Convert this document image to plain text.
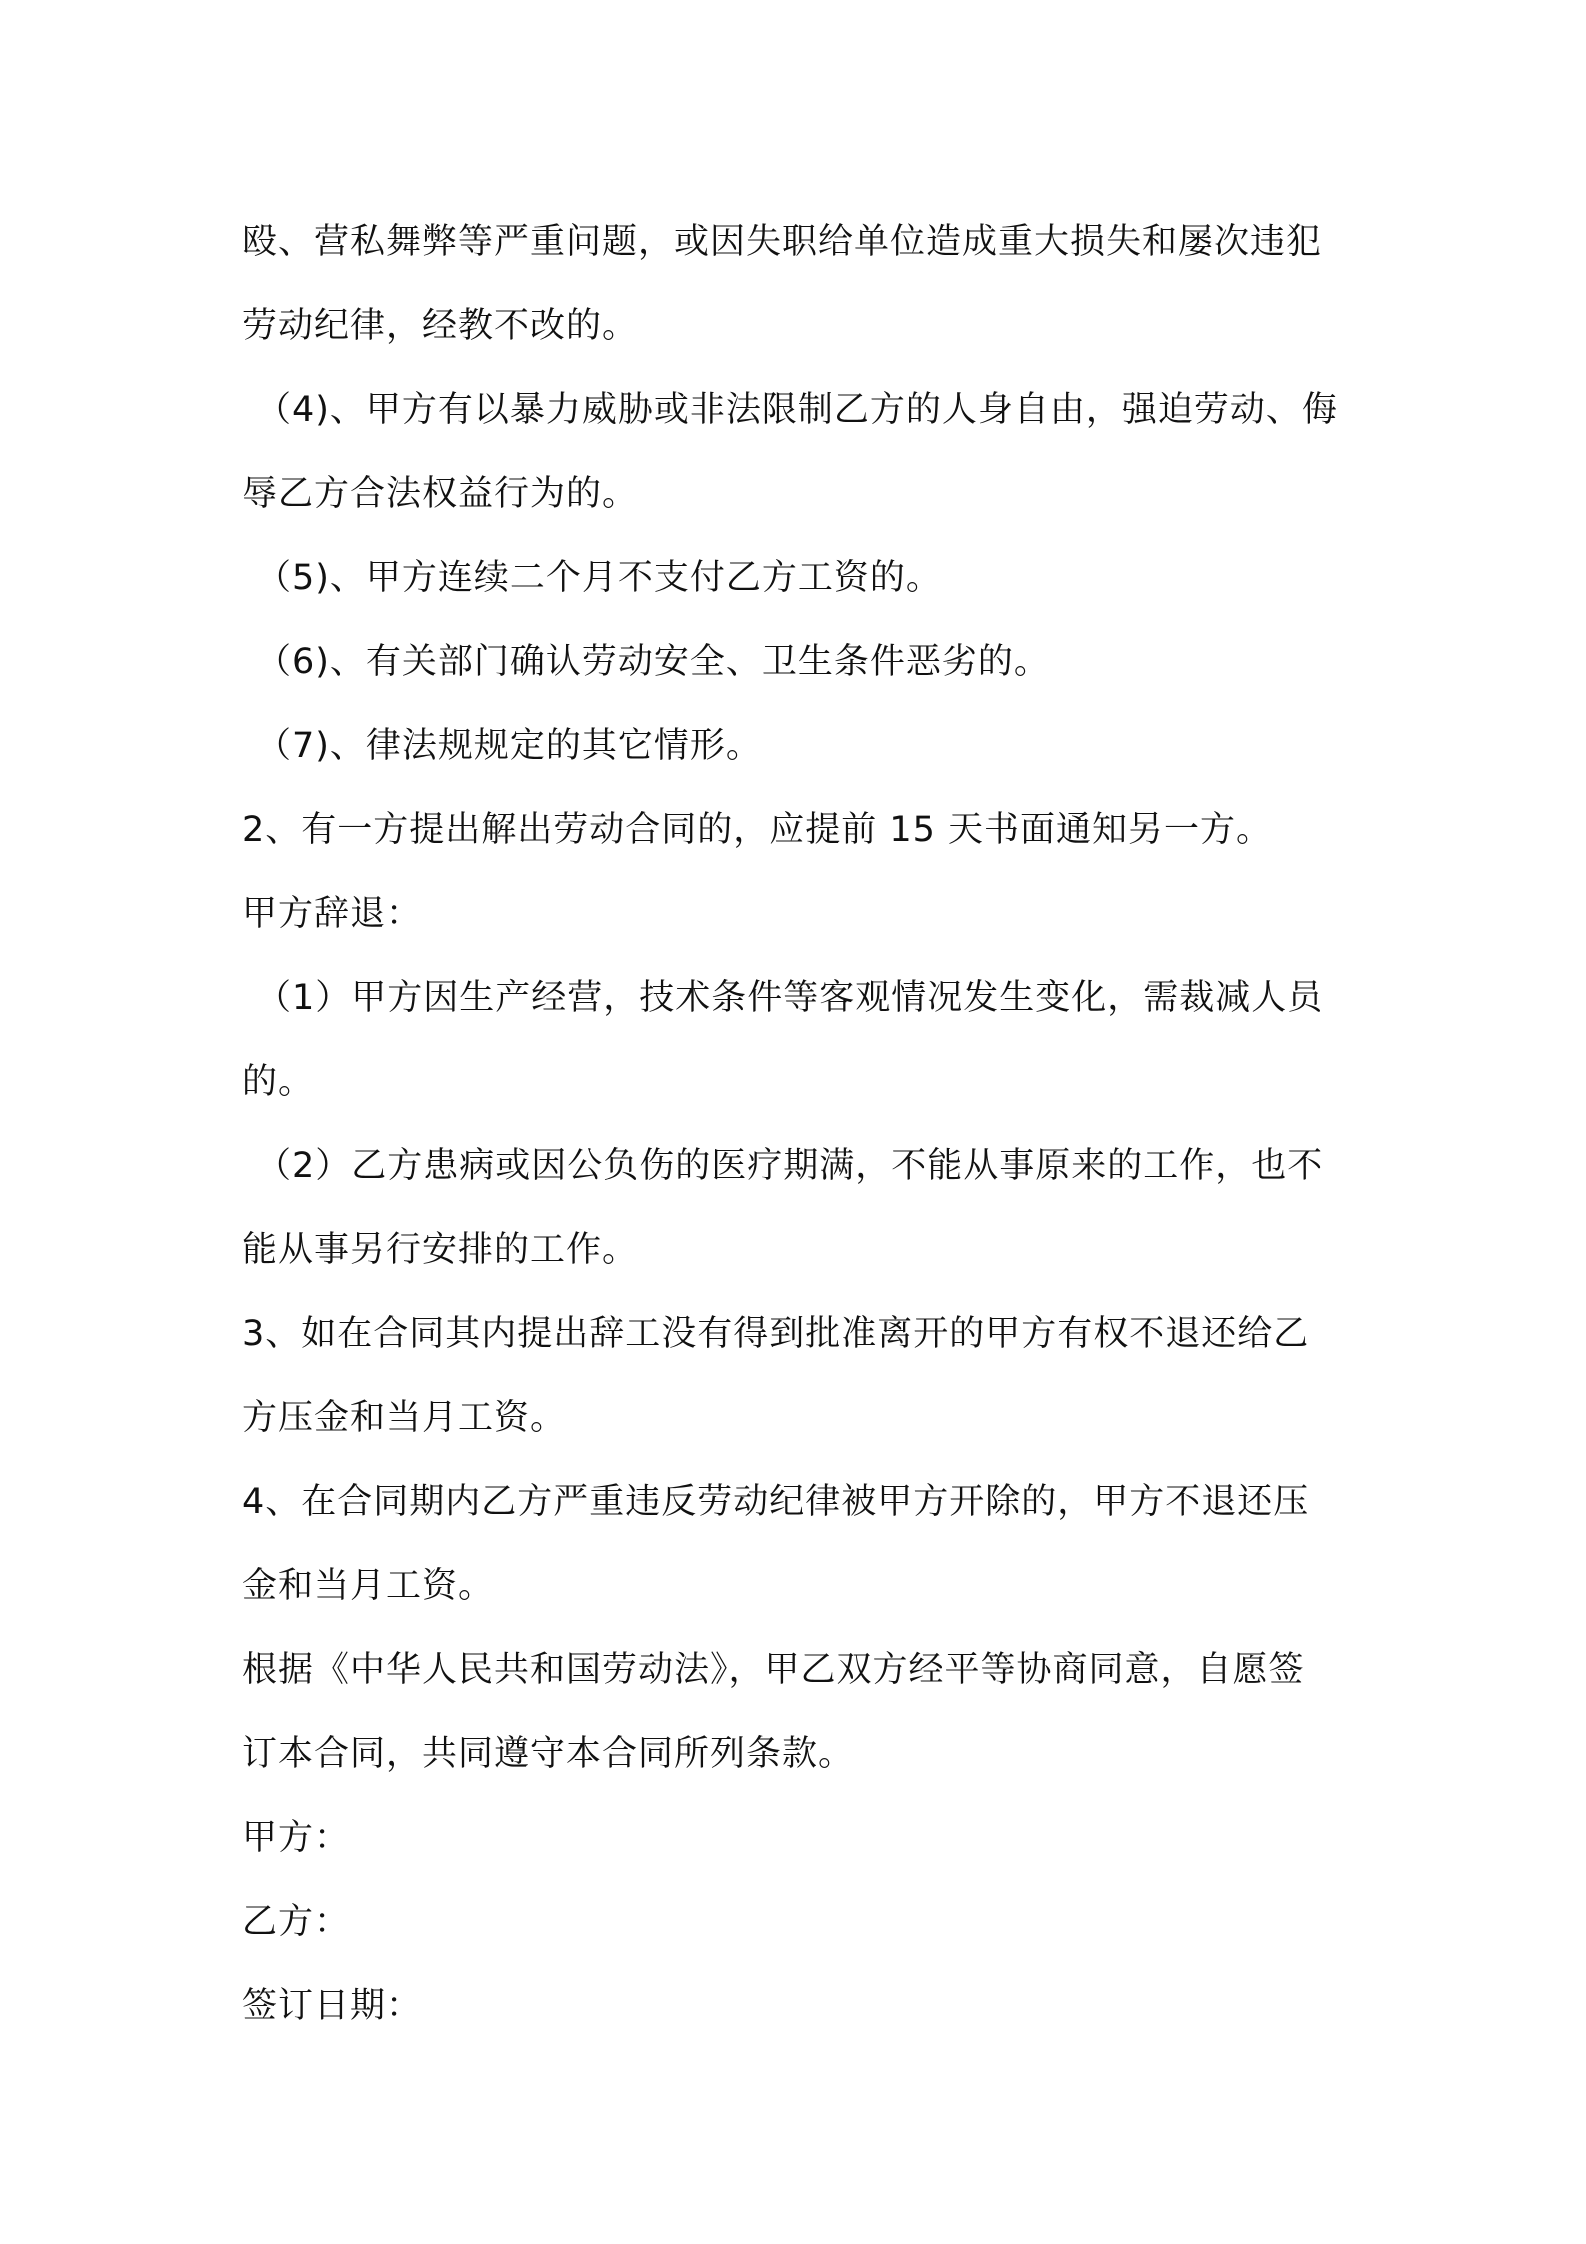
殴、营私舞弊等严重问题，或因失职给单位造成重大损失和屡次违犯
劳动纪律，经教不改的。
（4)、甲方有以暴力威胁或非法限制乙方的人身自由，强迫劳动、侮
辱乙方合法权益行为的。
（5)、甲方连续二个月不支付乙方工资的。
（6)、有关部门确认劳动安全、卫生条件恶劣的。
（7)、律法规规定的其它情形。
2、有一方提出解出劳动合同的，应提前 15 天书面通知另一方。
甲方辞退：
（1）甲方因生产经营，技术条件等客观情况发生变化，需裁减人员
的。
（2）乙方患病或因公负伤的医疗期满，不能从事原来的工作，也不
能从事另行安排的工作。
3、如在合同其内提出辞工没有得到批准离开的甲方有权不退还给乙
方压金和当月工资。
4、在合同期内乙方严重违反劳动纪律被甲方开除的，甲方不退还压
金和当月工资。
根据《中华人民共和国劳动法》，甲乙双方经平等协商同意，自愿签
订本合同，共同遵守本合同所列条款。
甲方：
乙方：
签订日期：
